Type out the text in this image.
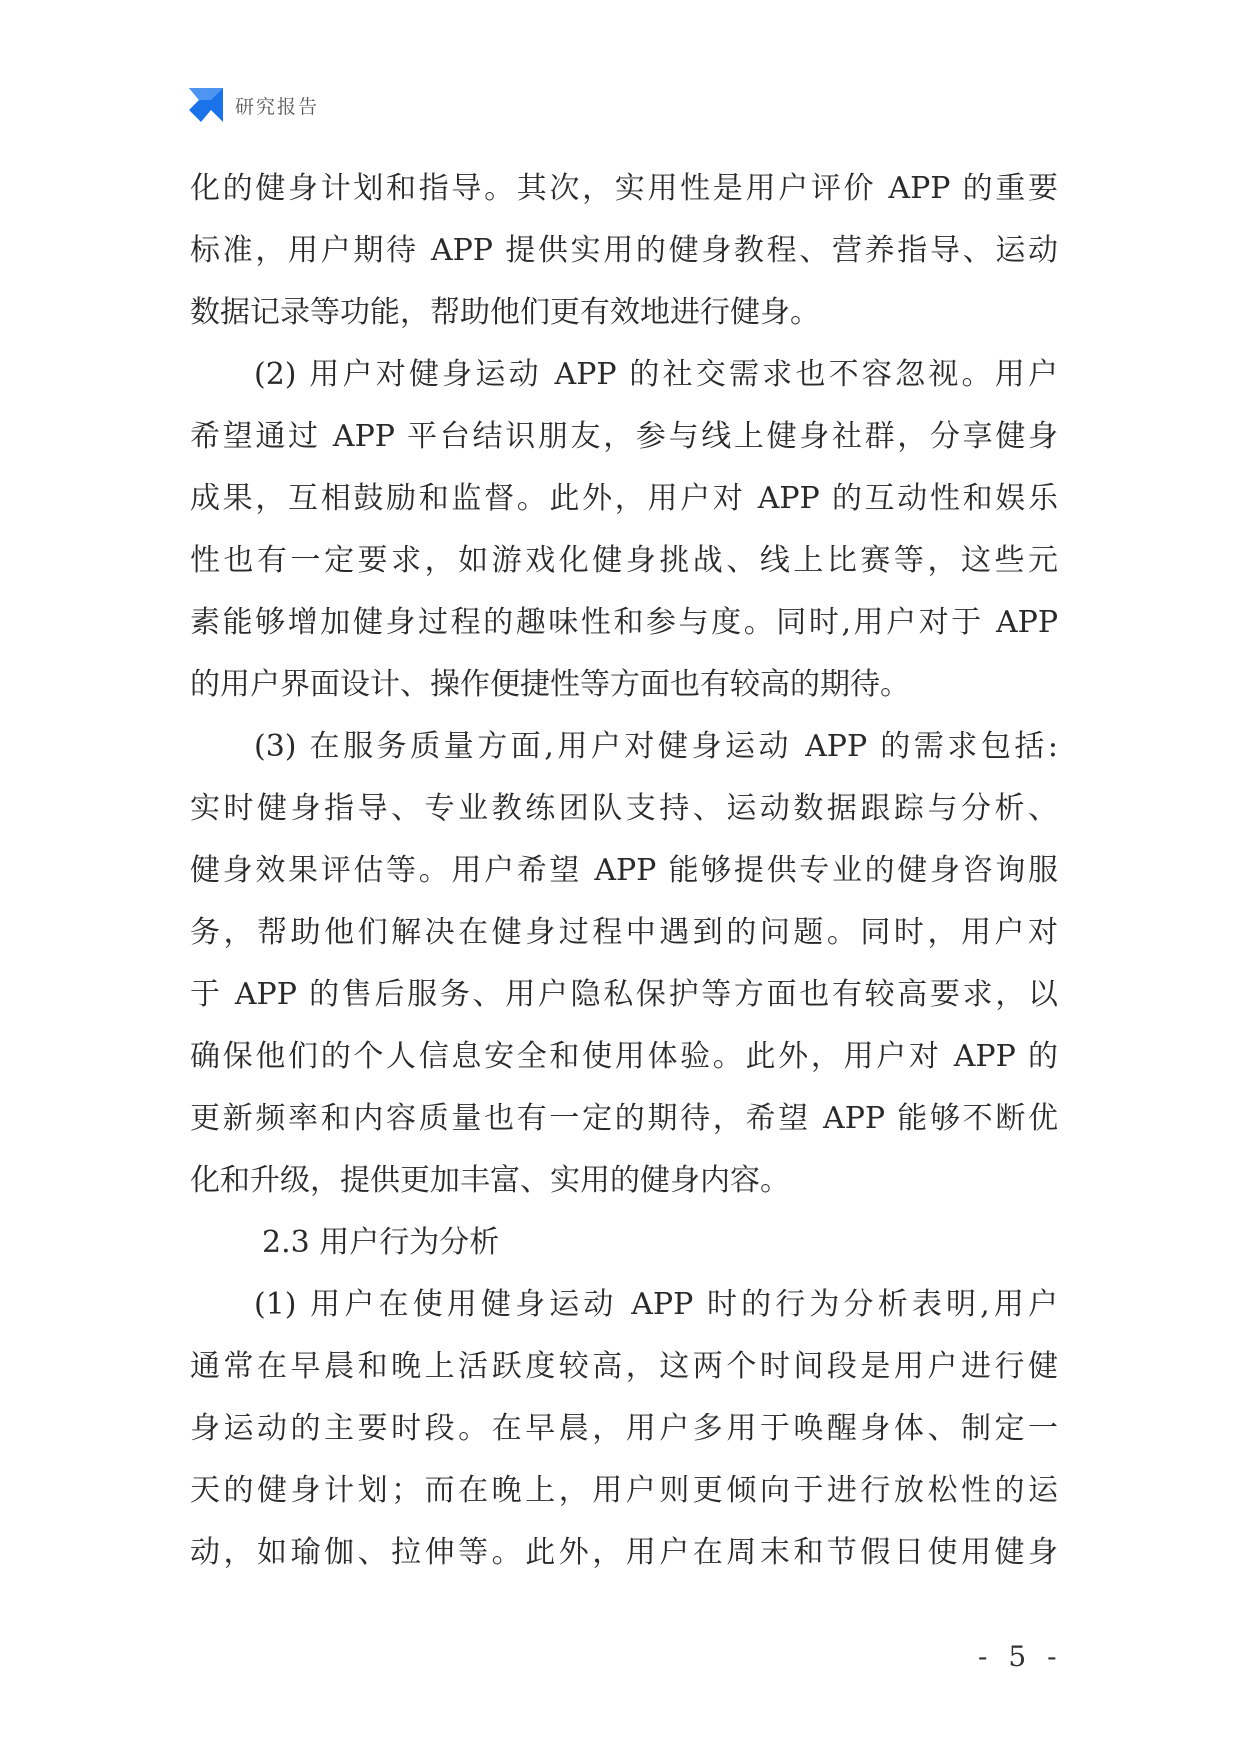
研究报告
化的健身计划和指导。其次，实用性是用户评价 APP 的重要
标准，用户期待 APP 提供实用的健身教程、营养指导、运动
数据记录等功能，帮助他们更有效地进行健身。
(2) 用户对健身运动 APP 的社交需求也不容忽视。用户
希望通过 APP 平台结识朋友，参与线上健身社群，分享健身
成果，互相鼓励和监督。此外，用户对 APP 的互动性和娱乐
性也有一定要求，如游戏化健身挑战、线上比赛等，这些元
素能够增加健身过程的趣味性和参与度。同时,用户对于 APP
的用户界面设计、操作便捷性等方面也有较高的期待。
(3) 在服务质量方面,用户对健身运动 APP 的需求包括:
实时健身指导、专业教练团队支持、运动数据跟踪与分析、
健身效果评估等。用户希望 APP 能够提供专业的健身咨询服
务，帮助他们解决在健身过程中遇到的问题。同时，用户对
于 APP 的售后服务、用户隐私保护等方面也有较高要求，以
确保他们的个人信息安全和使用体验。此外，用户对 APP 的
更新频率和内容质量也有一定的期待，希望 APP 能够不断优
化和升级，提供更加丰富、实用的健身内容。
2.3 用户行为分析
(1) 用户在使用健身运动 APP 时的行为分析表明,用户
通常在早晨和晚上活跃度较高，这两个时间段是用户进行健
身运动的主要时段。在早晨，用户多用于唤醒身体、制定一
天的健身计划；而在晚上，用户则更倾向于进行放松性的运
动，如瑜伽、拉伸等。此外，用户在周末和节假日使用健身
- 5 -
